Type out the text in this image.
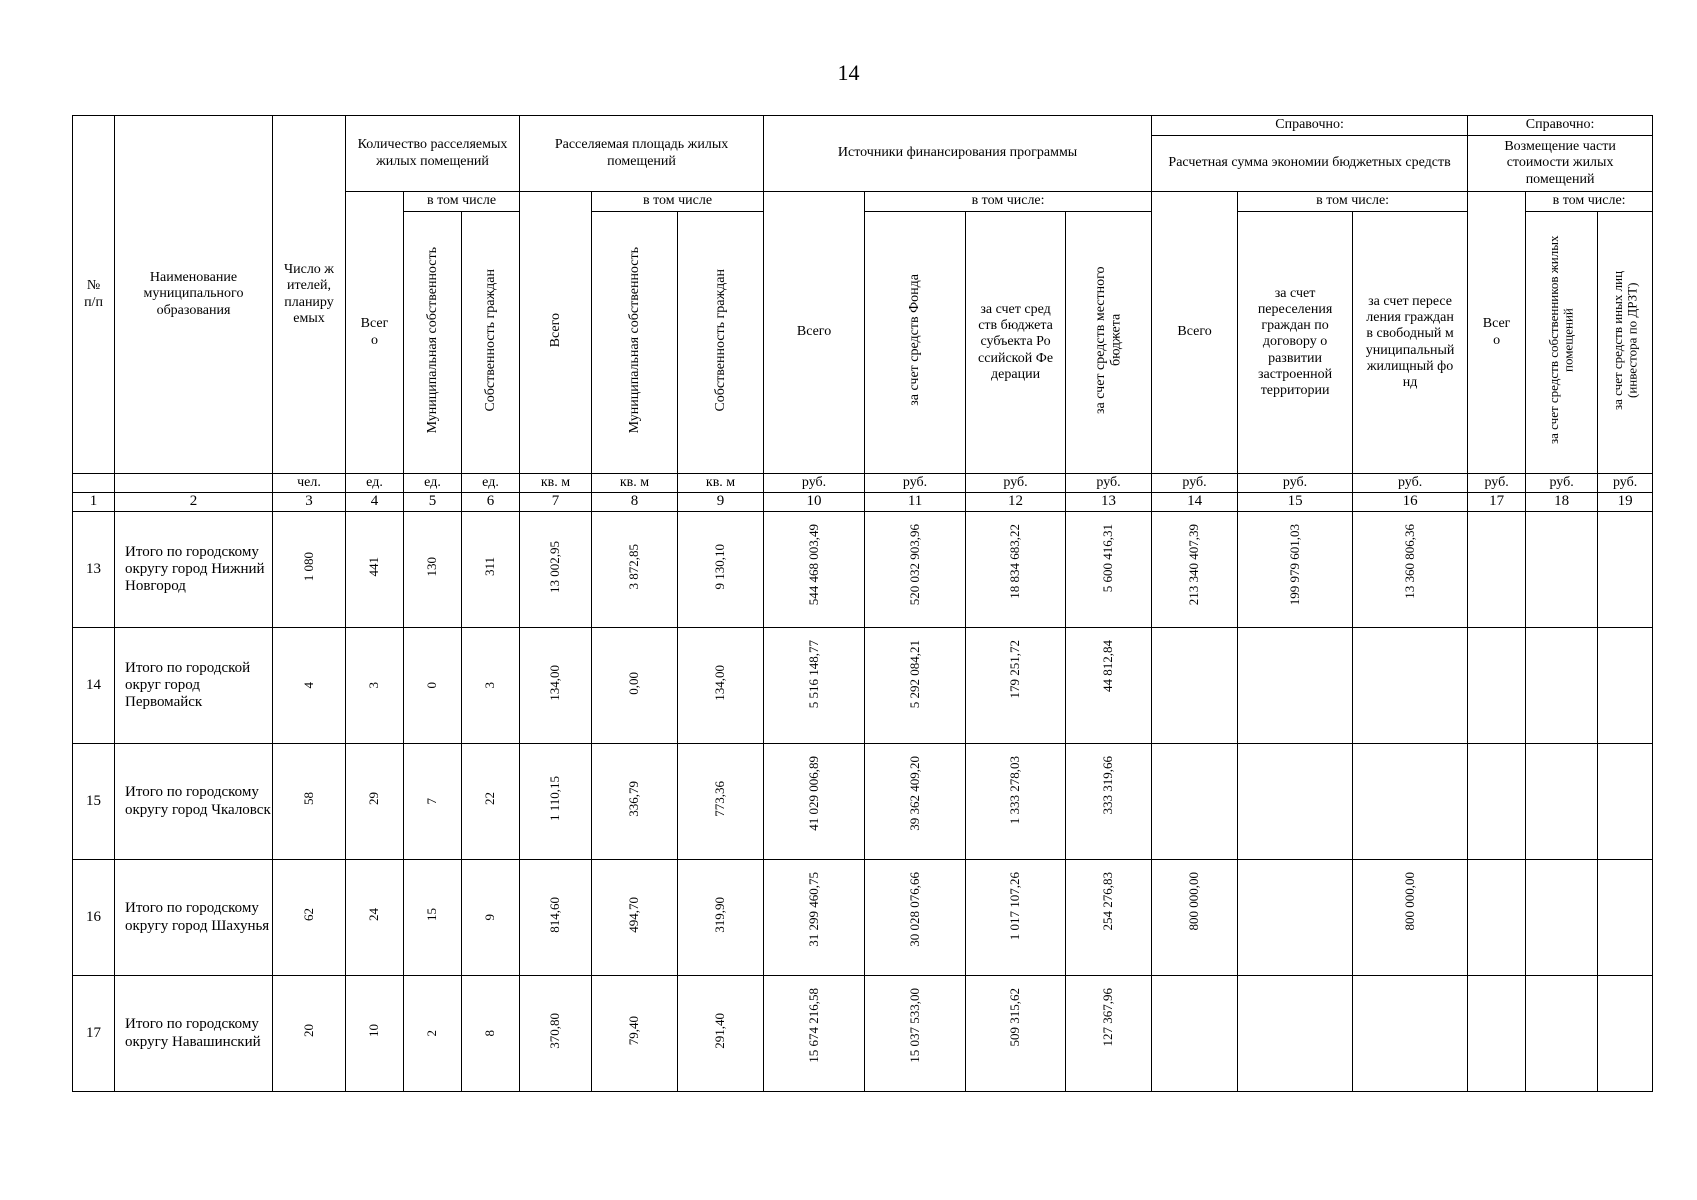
14
№ п/п	Наименование муниципального образования	Число жителей, планируемых	Количество расселяемых жилых помещений			Расселяемая площадь жилых помещений			Источники финансирования программы				Справочно:			Справочно:		
													Расчетная сумма экономии бюджетных средств			Возмещение части стоимости жилых помещений		
			Всег о	в том числе		Всего	в том числе		Всего	в том числе:			Всего	в том числе:		Всег о	в том числе:	
				Муниципальная собственность	Собственность граждан		Муниципальная собственность	Собственность граждан		за счет средств Фонда	за счет средств бюджета субъекта Российской Федерации	за счет средств местного бюджета		за счет переселения граждан по договору о развитии застроенной территории	за счет переселения граждан в свободный муниципальный жилищный фонд		за счет средств собственников жилых помещений	за счет средств иных лиц (инвестора по ДРЗТ)
		чел.	ед.	ед.	ед.	кв. м	кв. м	кв. м	руб.	руб.	руб.	руб.	руб.	руб.	руб.	руб.	руб.	руб.
1	2	3	4	5	6	7	8	9	10	11	12	13	14	15	16	17	18	19
13	Итого по городскому округу город Нижний Новгород	1 080	441	130	311	13 002,95	3 872,85	9 130,10	544 468 003,49	520 032 903,96	18 834 683,22	5 600 416,31	213 340 407,39	199 979 601,03	13 360 806,36			
14	Итого по городской округ город Первомайск	4	3	0	3	134,00	0,00	134,00	5 516 148,77	5 292 084,21	179 251,72	44 812,84						
15	Итого по городскому округу город Чкаловск	58	29	7	22	1 110,15	336,79	773,36	41 029 006,89	39 362 409,20	1 333 278,03	333 319,66						
16	Итого по городскому округу город Шахунья	62	24	15	9	814,60	494,70	319,90	31 299 460,75	30 028 076,66	1 017 107,26	254 276,83	800 000,00		800 000,00			
17	Итого по городскому округу Навашинский	20	10	2	8	370,80	79,40	291,40	15 674 216,58	15 037 533,00	509 315,62	127 367,96						
